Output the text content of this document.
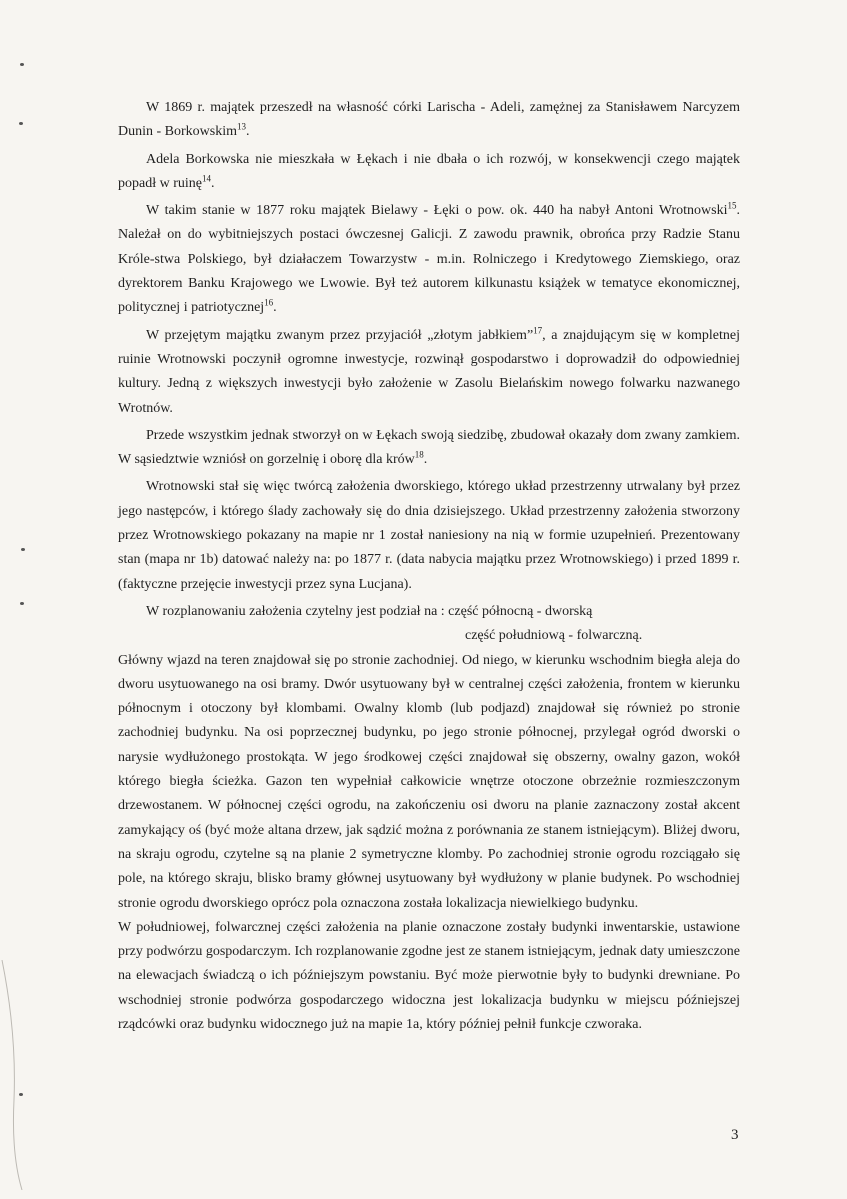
W 1869 r. majątek przeszedł na własność córki Larischa - Adeli, zamężnej za Stanisławem Narcyzem Dunin - Borkowskim$^{13}$.

Adela Borkowska nie mieszkała w Łękach i nie dbała o ich rozwój, w konsekwencji czego majątek popadł w ruinę$^{14}$.

W takim stanie w 1877 roku majątek Bielawy - Łęki o pow. ok. 440 ha nabył Antoni Wrotnowski$^{15}$. Należał on do wybitniejszych postaci ówczesnej Galicji. Z zawodu prawnik, obrońca przy Radzie Stanu Króle-stwa Polskiego, był działaczem Towarzystw - m.in. Rolniczego i Kredytowego Ziemskiego, oraz dyrektorem Banku Krajowego we Lwowie. Był też autorem kilkunastu książek w tematyce ekonomicznej, politycznej i patriotycznej$^{16}$.

W przejętym majątku zwanym przez przyjaciół „złotym jabłkiem”$^{17}$, a znajdującym się w kompletnej ruinie Wrotnowski poczynił ogromne inwestycje, rozwinął gospodarstwo i doprowadził do odpowiedniej kultury. Jedną z większych inwestycji było założenie w Zasolu Bielańskim nowego folwarku nazwanego Wrotnów.

Przede wszystkim jednak stworzył on w Łękach swoją siedzibę, zbudował okazały dom zwany zamkiem. W sąsiedztwie wzniósł on gorzelnię i oborę dla krów$^{18}$.

Wrotnowski stał się więc twórcą założenia dworskiego, którego układ przestrzenny utrwalany był przez jego następców, i którego ślady zachowały się do dnia dzisiejszego. Układ przestrzenny założenia stworzony przez Wrotnowskiego pokazany na mapie nr 1 został naniesiony na nią w formie uzupełnień. Prezentowany stan (mapa nr 1b) datować należy na: po 1877 r. (data nabycia majątku przez Wrotnowskiego) i przed 1899 r. (faktyczne przejęcie inwestycji przez syna Lucjana).

W rozplanowaniu założenia czytelny jest podział na : część północną - dworską

część południową - folwarczną.

Główny wjazd na teren znajdował się po stronie zachodniej. Od niego, w kierunku wschodnim biegła aleja do dworu usytuowanego na osi bramy. Dwór usytuowany był w centralnej części założenia, frontem w kierunku północnym i otoczony był klombami. Owalny klomb (lub podjazd) znajdował się również po stronie zachodniej budynku. Na osi poprzecznej budynku, po jego stronie północnej, przylegał ogród dworski o narysie wydłużonego prostokąta. W jego środkowej części znajdował się obszerny, owalny gazon, wokół którego biegła ścieżka. Gazon ten wypełniał całkowicie wnętrze otoczone obrzeżnie rozmieszczonym drzewostanem. W północnej części ogrodu, na zakończeniu osi dworu na planie zaznaczony został akcent zamykający oś (być może altana drzew, jak sądzić można z porównania ze stanem istniejącym). Bliżej dworu, na skraju ogrodu, czytelne są na planie 2 symetryczne klomby. Po zachodniej stronie ogrodu rozciągało się pole, na którego skraju, blisko bramy głównej usytuowany był wydłużony w planie budynek. Po wschodniej stronie ogrodu dworskiego oprócz pola oznaczona została lokalizacja niewielkiego budynku.

W południowej, folwarcznej części założenia na planie oznaczone zostały budynki inwentarskie, ustawione przy podwórzu gospodarczym. Ich rozplanowanie zgodne jest ze stanem istniejącym, jednak daty umieszczone na elewacjach świadczą o ich późniejszym powstaniu. Być może pierwotnie były to budynki drewniane. Po wschodniej stronie podwórza gospodarczego widoczna jest lokalizacja budynku w miejscu późniejszej rządcówki oraz budynku widocznego już na mapie 1a, który później pełnił funkcje czworaka.

3
